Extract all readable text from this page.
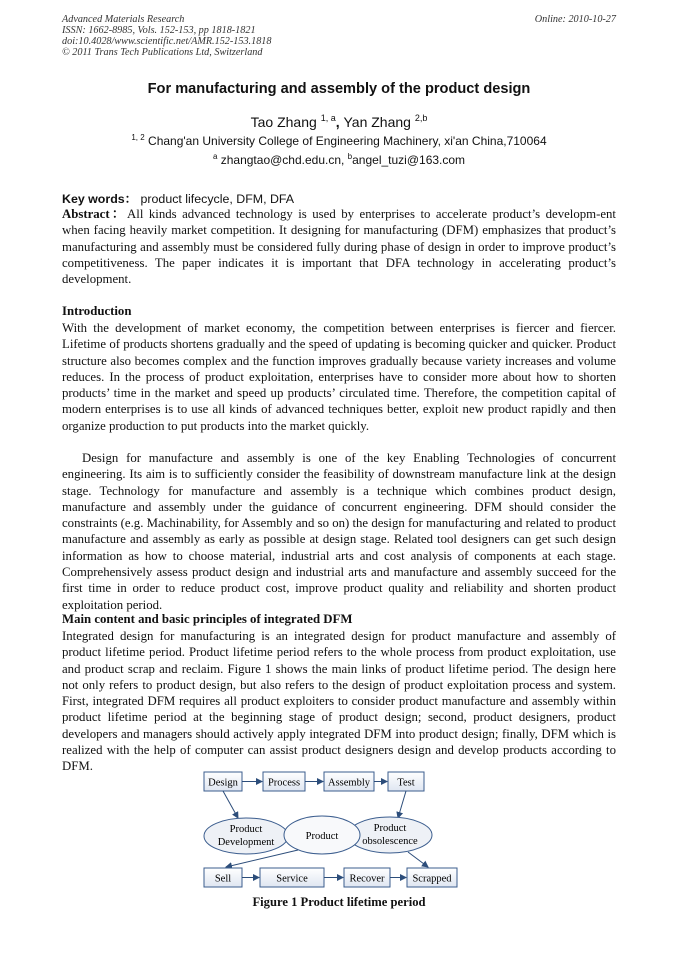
Advanced Materials Research
ISSN: 1662-8985, Vols. 152-153, pp 1818-1821
doi:10.4028/www.scientific.net/AMR.152-153.1818
© 2011 Trans Tech Publications Ltd, Switzerland
Online: 2010-10-27
For manufacturing and assembly of the product design
Tao Zhang $^{1, a}$, Yan Zhang $^{2,b}$
$^{1, 2}$ Chang'an University College of Engineering Machinery, xi'an China,710064
$^a$ zhangtao@chd.edu.cn, $^b$angel_tuzi@163.com
Key words： product lifecycle, DFM, DFA
Abstract：All kinds advanced technology is used by enterprises to accelerate product’s developm-ent when facing heavily market competition. It designing for manufacturing (DFM) emphasizes that product’s manufacturing and assembly must be considered fully during phase of design in order to improve product’s competitiveness. The paper indicates it is important that DFA technology in accelerating product’s development.
Introduction
With the development of market economy, the competition between enterprises is fiercer and fiercer. Lifetime of products shortens gradually and the speed of updating is becoming quicker and quicker. Product structure also becomes complex and the function improves gradually because variety increases and volume reduces. In the process of product exploitation, enterprises have to consider more about how to shorten products’ time in the market and speed up products’ circulated time. Therefore, the competition capital of modern enterprises is to use all kinds of advanced techniques better, exploit new product rapidly and then organize production to put products into the market quickly.
Design for manufacture and assembly is one of the key Enabling Technologies of concurrent engineering. Its aim is to sufficiently consider the feasibility of downstream manufacture link at the design stage. Technology for manufacture and assembly is a technique which combines product design, manufacture and assembly under the guidance of concurrent engineering. DFM should consider the constraints (e.g. Machinability, for Assembly and so on) the design for manufacturing and related to product manufacture and assembly as early as possible at design stage. Related tool designers can get such design information as how to choose material, industrial arts and cost analysis of components at each stage. Comprehensively assess product design and industrial arts and manufacture and assembly succeed for the first time in order to reduce product cost, improve product quality and reliability and shorten product exploitation period.
Main content and basic principles of integrated DFM
Integrated design for manufacturing is an integrated design for product manufacture and assembly of product lifetime period. Product lifetime period refers to the whole process from product exploitation, use and product scrap and reclaim. Figure 1 shows the main links of product lifetime period. The design here not only refers to product design, but also refers to the design of product exploitation process and system. First, integrated DFM requires all product exploiters to consider product manufacture and assembly within product lifetime period at the beginning stage of product design; second, product designers, product developers and managers should actively apply integrated DFM into product design; finally, DFM which is realized with the help of computer can assist product designers design and develop products according to DFM.
Design	Process	Assembly	Test
Product
Development
Product
Product
obsolescence
Sell	Service	Recover	Scrapped
Figure 1 Product lifetime period
